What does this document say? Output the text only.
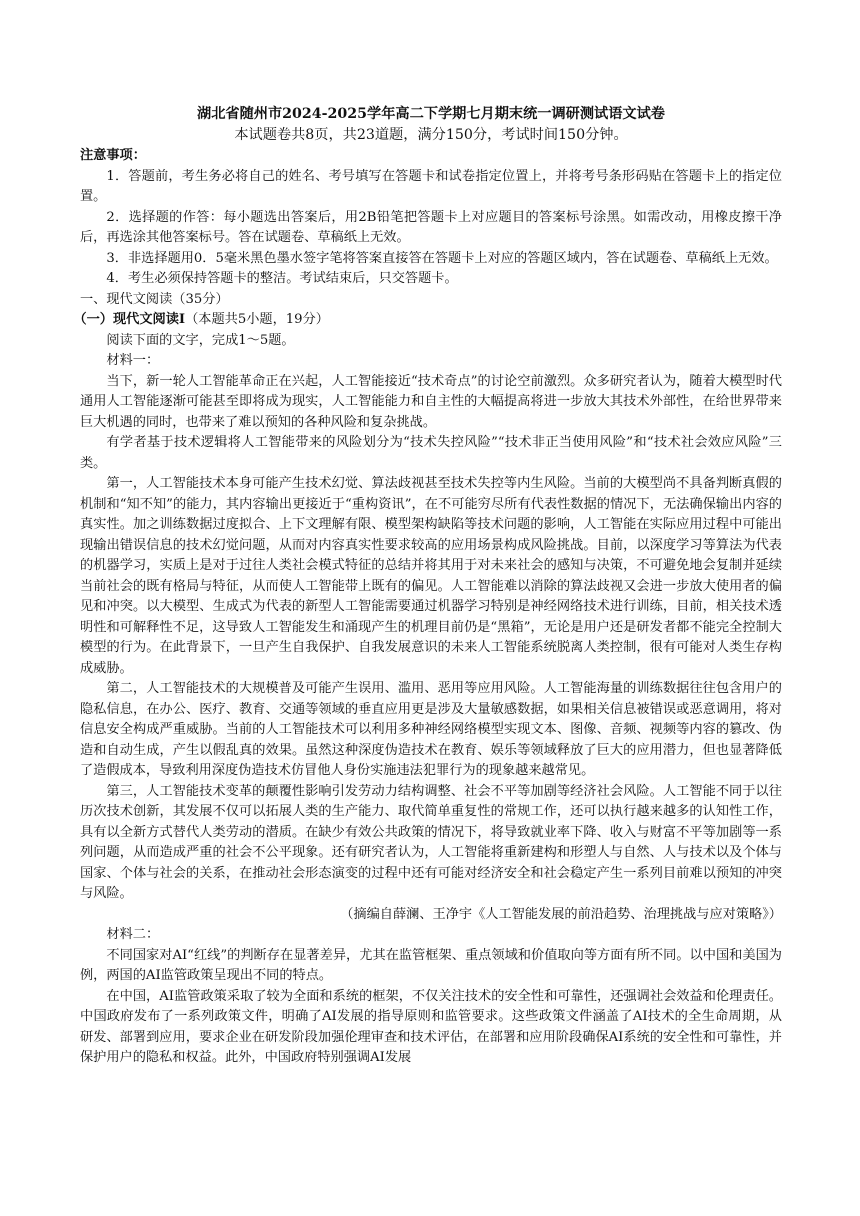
湖北省随州市2024-2025学年高二下学期七月期末统一调研测试语文试卷

本试题卷共8页，共23道题，满分150分，考试时间150分钟。

注意事项：

1．答题前，考生务必将自己的姓名、考号填写在答题卡和试卷指定位置上，并将考号条形码贴在答题卡上的指定位置。

2．选择题的作答：每小题选出答案后，用2B铅笔把答题卡上对应题目的答案标号涂黑。如需改动，用橡皮擦干净后，再选涂其他答案标号。答在试题卷、草稿纸上无效。

3．非选择题用0．5毫米黑色墨水签字笔将答案直接答在答题卡上对应的答题区域内，答在试题卷、草稿纸上无效。

4．考生必须保持答题卡的整洁。考试结束后，只交答题卡。

一、现代文阅读（35分）

（一）现代文阅读Ⅰ（本题共5小题，19分）

阅读下面的文字，完成1～5题。

材料一：

当下，新一轮人工智能革命正在兴起，人工智能接近“技术奇点”的讨论空前激烈。众多研究者认为，随着大模型时代通用人工智能逐渐可能甚至即将成为现实，人工智能能力和自主性的大幅提高将进一步放大其技术外部性，在给世界带来巨大机遇的同时，也带来了难以预知的各种风险和复杂挑战。

有学者基于技术逻辑将人工智能带来的风险划分为“技术失控风险”“技术非正当使用风险”和“技术社会效应风险”三类。

第一，人工智能技术本身可能产生技术幻觉、算法歧视甚至技术失控等内生风险。当前的大模型尚不具备判断真假的机制和“知不知”的能力，其内容输出更接近于“重构资讯”，在不可能穷尽所有代表性数据的情况下，无法确保输出内容的真实性。加之训练数据过度拟合、上下文理解有限、模型架构缺陷等技术问题的影响，人工智能在实际应用过程中可能出现输出错误信息的技术幻觉问题，从而对内容真实性要求较高的应用场景构成风险挑战。目前，以深度学习等算法为代表的机器学习，实质上是对于过往人类社会模式特征的总结并将其用于对未来社会的感知与决策，不可避免地会复制并延续当前社会的既有格局与特征，从而使人工智能带上既有的偏见。人工智能难以消除的算法歧视又会进一步放大使用者的偏见和冲突。以大模型、生成式为代表的新型人工智能需要通过机器学习特别是神经网络技术进行训练，目前，相关技术透明性和可解释性不足，这导致人工智能发生和涌现产生的机理目前仍是“黑箱”，无论是用户还是研发者都不能完全控制大模型的行为。在此背景下，一旦产生自我保护、自我发展意识的未来人工智能系统脱离人类控制，很有可能对人类生存构成威胁。

第二，人工智能技术的大规模普及可能产生误用、滥用、恶用等应用风险。人工智能海量的训练数据往往包含用户的隐私信息，在办公、医疗、教育、交通等领域的垂直应用更是涉及大量敏感数据，如果相关信息被错误或恶意调用，将对信息安全构成严重威胁。当前的人工智能技术可以利用多种神经网络模型实现文本、图像、音频、视频等内容的篡改、伪造和自动生成，产生以假乱真的效果。虽然这种深度伪造技术在教育、娱乐等领域释放了巨大的应用潜力，但也显著降低了造假成本，导致利用深度伪造技术仿冒他人身份实施违法犯罪行为的现象越来越常见。

第三，人工智能技术变革的颠覆性影响引发劳动力结构调整、社会不平等加剧等经济社会风险。人工智能不同于以往历次技术创新，其发展不仅可以拓展人类的生产能力、取代简单重复性的常规工作，还可以执行越来越多的认知性工作，具有以全新方式替代人类劳动的潜质。在缺少有效公共政策的情况下，将导致就业率下降、收入与财富不平等加剧等一系列问题，从而造成严重的社会不公平现象。还有研究者认为，人工智能将重新建构和形塑人与自然、人与技术以及个体与国家、个体与社会的关系，在推动社会形态演变的过程中还有可能对经济安全和社会稳定产生一系列目前难以预知的冲突与风险。

（摘编自薛澜、王净宇《人工智能发展的前沿趋势、治理挑战与应对策略》）

材料二：

不同国家对AI“红线”的判断存在显著差异，尤其在监管框架、重点领域和价值取向等方面有所不同。以中国和美国为例，两国的AI监管政策呈现出不同的特点。

在中国，AI监管政策采取了较为全面和系统的框架，不仅关注技术的安全性和可靠性，还强调社会效益和伦理责任。中国政府发布了一系列政策文件，明确了AI发展的指导原则和监管要求。这些政策文件涵盖了AI技术的全生命周期，从研发、部署到应用，要求企业在研发阶段加强伦理审查和技术评估，在部署和应用阶段确保AI系统的安全性和可靠性，并保护用户的隐私和权益。此外，中国政府特别强调AI发展
